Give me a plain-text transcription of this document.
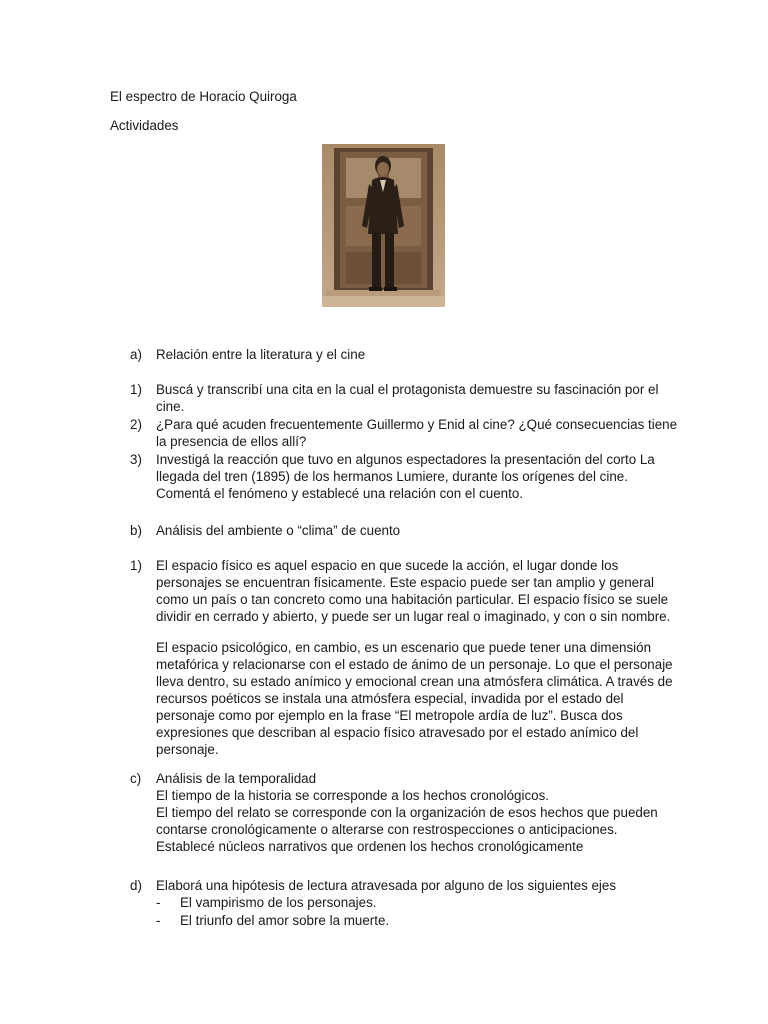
El espectro de Horacio Quiroga
Actividades
a) Relación entre la literatura y el cine

1) Buscá y transcribí una cita en la cual el protagonista demuestre su fascinación por el

cine.

2) ¿Para qué acuden frecuentemente Guillermo y Enid al cine? ¿Qué consecuencias tiene

la presencia de ellos allí?

3) Investigá la reacción que tuvo en algunos espectadores la presentación del corto La

llegada del tren (1895) de los hermanos Lumiere, durante los orígenes del cine.

Comentá el fenómeno y establecé una relación con el cuento.

b) Análisis del ambiente o “clima” de cuento

1) El espacio físico es aquel espacio en que sucede la acción, el lugar donde los

personajes se encuentran físicamente. Este espacio puede ser tan amplio y general

como un país o tan concreto como una habitación particular. El espacio físico se suele

dividir en cerrado y abierto, y puede ser un lugar real o imaginado, y con o sin nombre.

El espacio psicológico, en cambio, es un escenario que puede tener una dimensión

metafórica y relacionarse con el estado de ánimo de un personaje. Lo que el personaje

lleva dentro, su estado anímico y emocional crean una atmósfera climática. A través de

recursos poéticos se instala una atmósfera especial, invadida por el estado del

personaje como por ejemplo en la frase “El metropole ardía de luz”. Busca dos

expresiones que describan al espacio físico atravesado por el estado anímico del

personaje.

c) Análisis de la temporalidad

El tiempo de la historia se corresponde a los hechos cronológicos.

El tiempo del relato se corresponde con la organización de esos hechos que pueden

contarse cronológicamente o alterarse con restrospecciones o anticipaciones.

Establecé núcleos narrativos que ordenen los hechos cronológicamente

d) Elaborá una hipótesis de lectura atravesada por alguno de los siguientes ejes

- El vampirismo de los personajes.
- El triunfo del amor sobre la muerte.
